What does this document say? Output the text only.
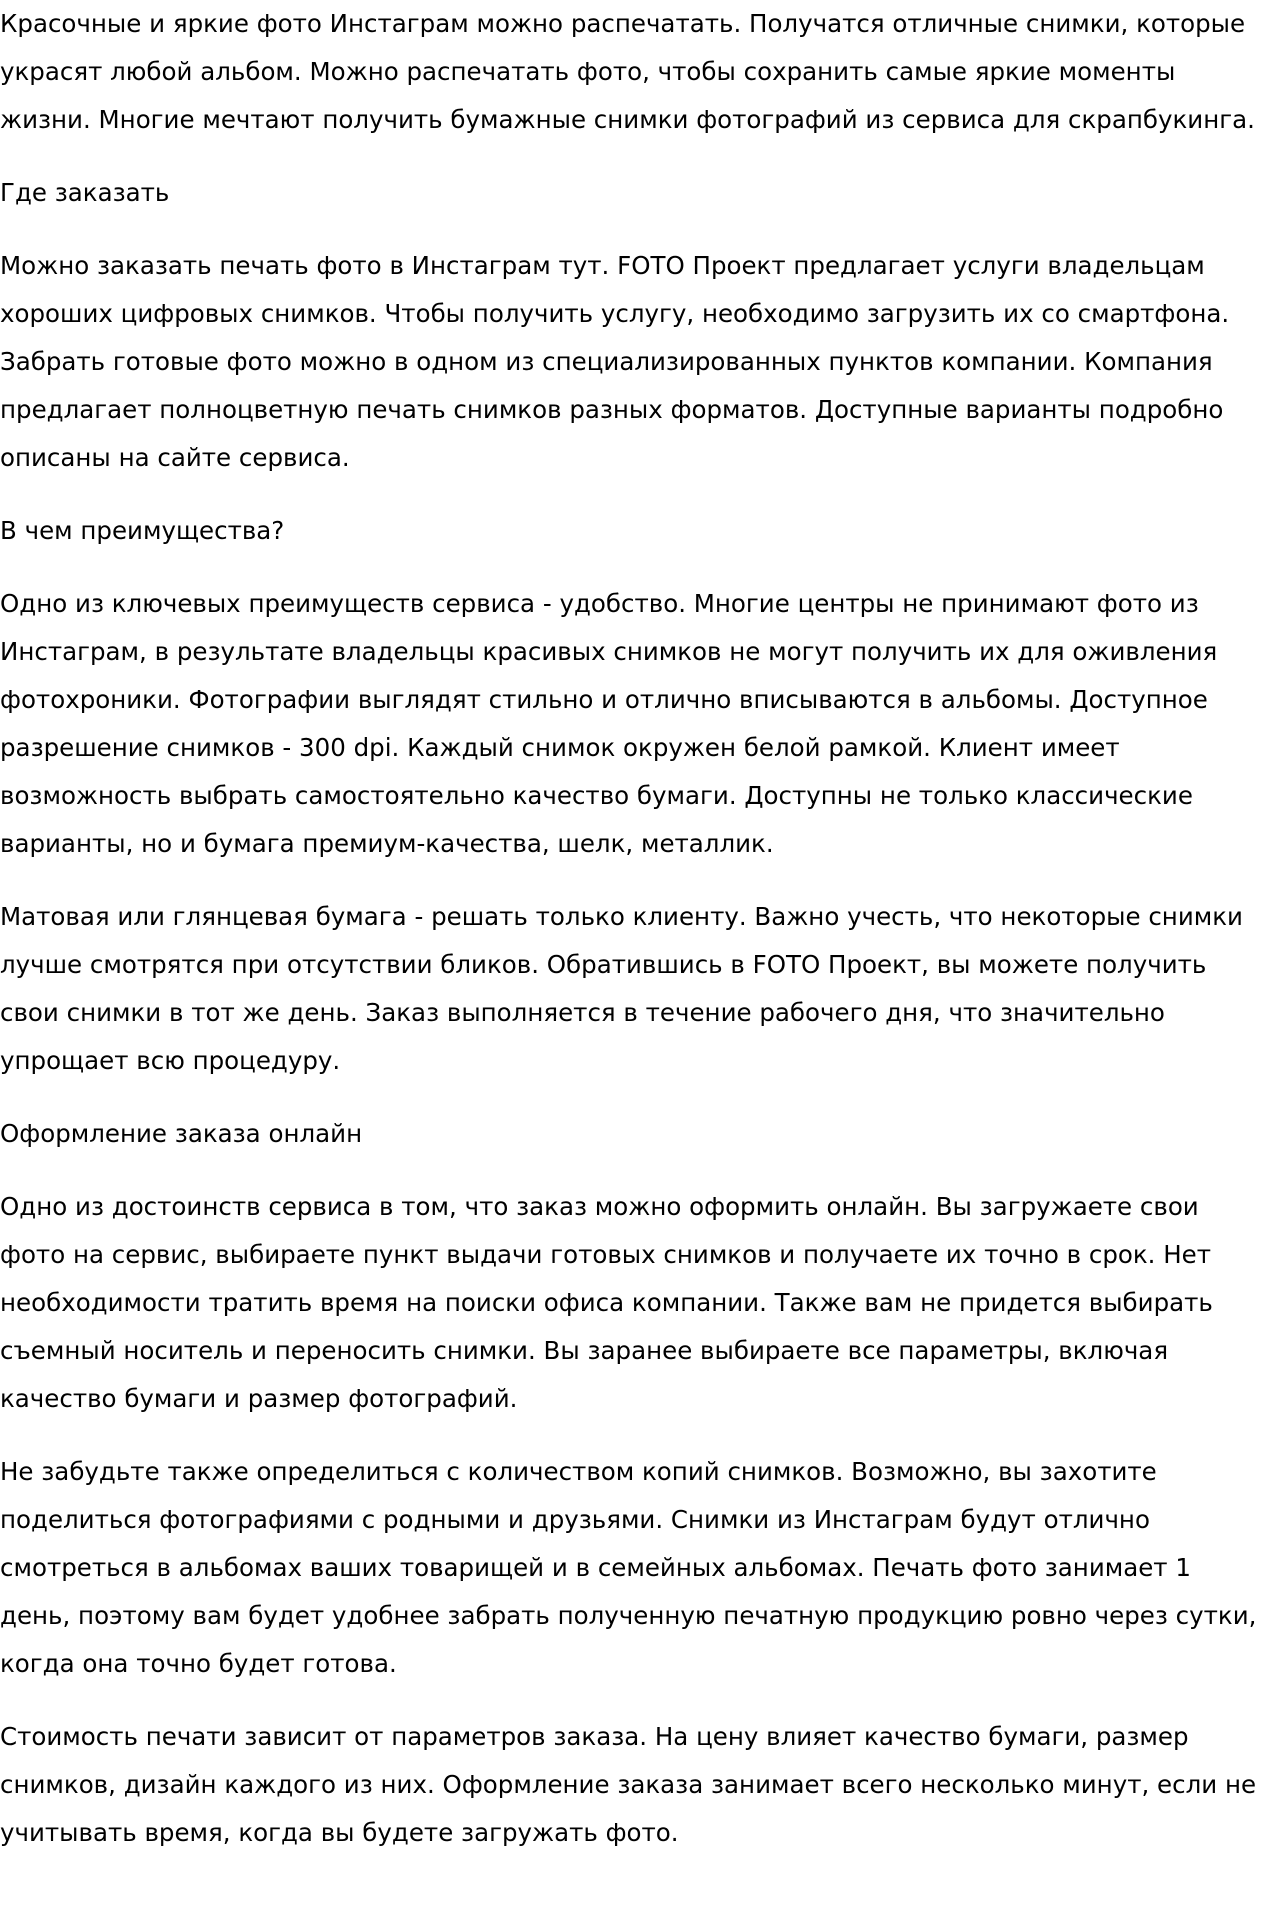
Красочные и яркие фото Инстаграм можно распечатать. Получатся отличные снимки, которые украсят любой альбом. Можно распечатать фото, чтобы сохранить самые яркие моменты жизни. Многие мечтают получить бумажные снимки фотографий из сервиса для скрапбукинга.

Где заказать

Можно заказать печать фото в Инстаграм тут. FOTO Проект предлагает услуги владельцам хороших цифровых снимков. Чтобы получить услугу, необходимо загрузить их со смартфона. Забрать готовые фото можно в одном из специализированных пунктов компании. Компания предлагает полноцветную печать снимков разных форматов. Доступные варианты подробно описаны на сайте сервиса.

В чем преимущества?

Одно из ключевых преимуществ сервиса - удобство. Многие центры не принимают фото из Инстаграм, в результате владельцы красивых снимков не могут получить их для оживления фотохроники. Фотографии выглядят стильно и отлично вписываются в альбомы. Доступное разрешение снимков - 300 dpi. Каждый снимок окружен белой рамкой. Клиент имеет возможность выбрать самостоятельно качество бумаги. Доступны не только классические варианты, но и бумага премиум-качества, шелк, металлик.

Матовая или глянцевая бумага - решать только клиенту. Важно учесть, что некоторые снимки лучше смотрятся при отсутствии бликов. Обратившись в FOTO Проект, вы можете получить свои снимки в тот же день. Заказ выполняется в течение рабочего дня, что значительно упрощает всю процедуру.

Оформление заказа онлайн

Одно из достоинств сервиса в том, что заказ можно оформить онлайн. Вы загружаете свои фото на сервис, выбираете пункт выдачи готовых снимков и получаете их точно в срок. Нет необходимости тратить время на поиски офиса компании. Также вам не придется выбирать съемный носитель и переносить снимки. Вы заранее выбираете все параметры, включая качество бумаги и размер фотографий.

Не забудьте также определиться с количеством копий снимков. Возможно, вы захотите поделиться фотографиями с родными и друзьями. Снимки из Инстаграм будут отлично смотреться в альбомах ваших товарищей и в семейных альбомах. Печать фото занимает 1 день, поэтому вам будет удобнее забрать полученную печатную продукцию ровно через сутки, когда она точно будет готова.

Стоимость печати зависит от параметров заказа. На цену влияет качество бумаги, размер снимков, дизайн каждого из них. Оформление заказа занимает всего несколько минут, если не учитывать время, когда вы будете загружать фото.
